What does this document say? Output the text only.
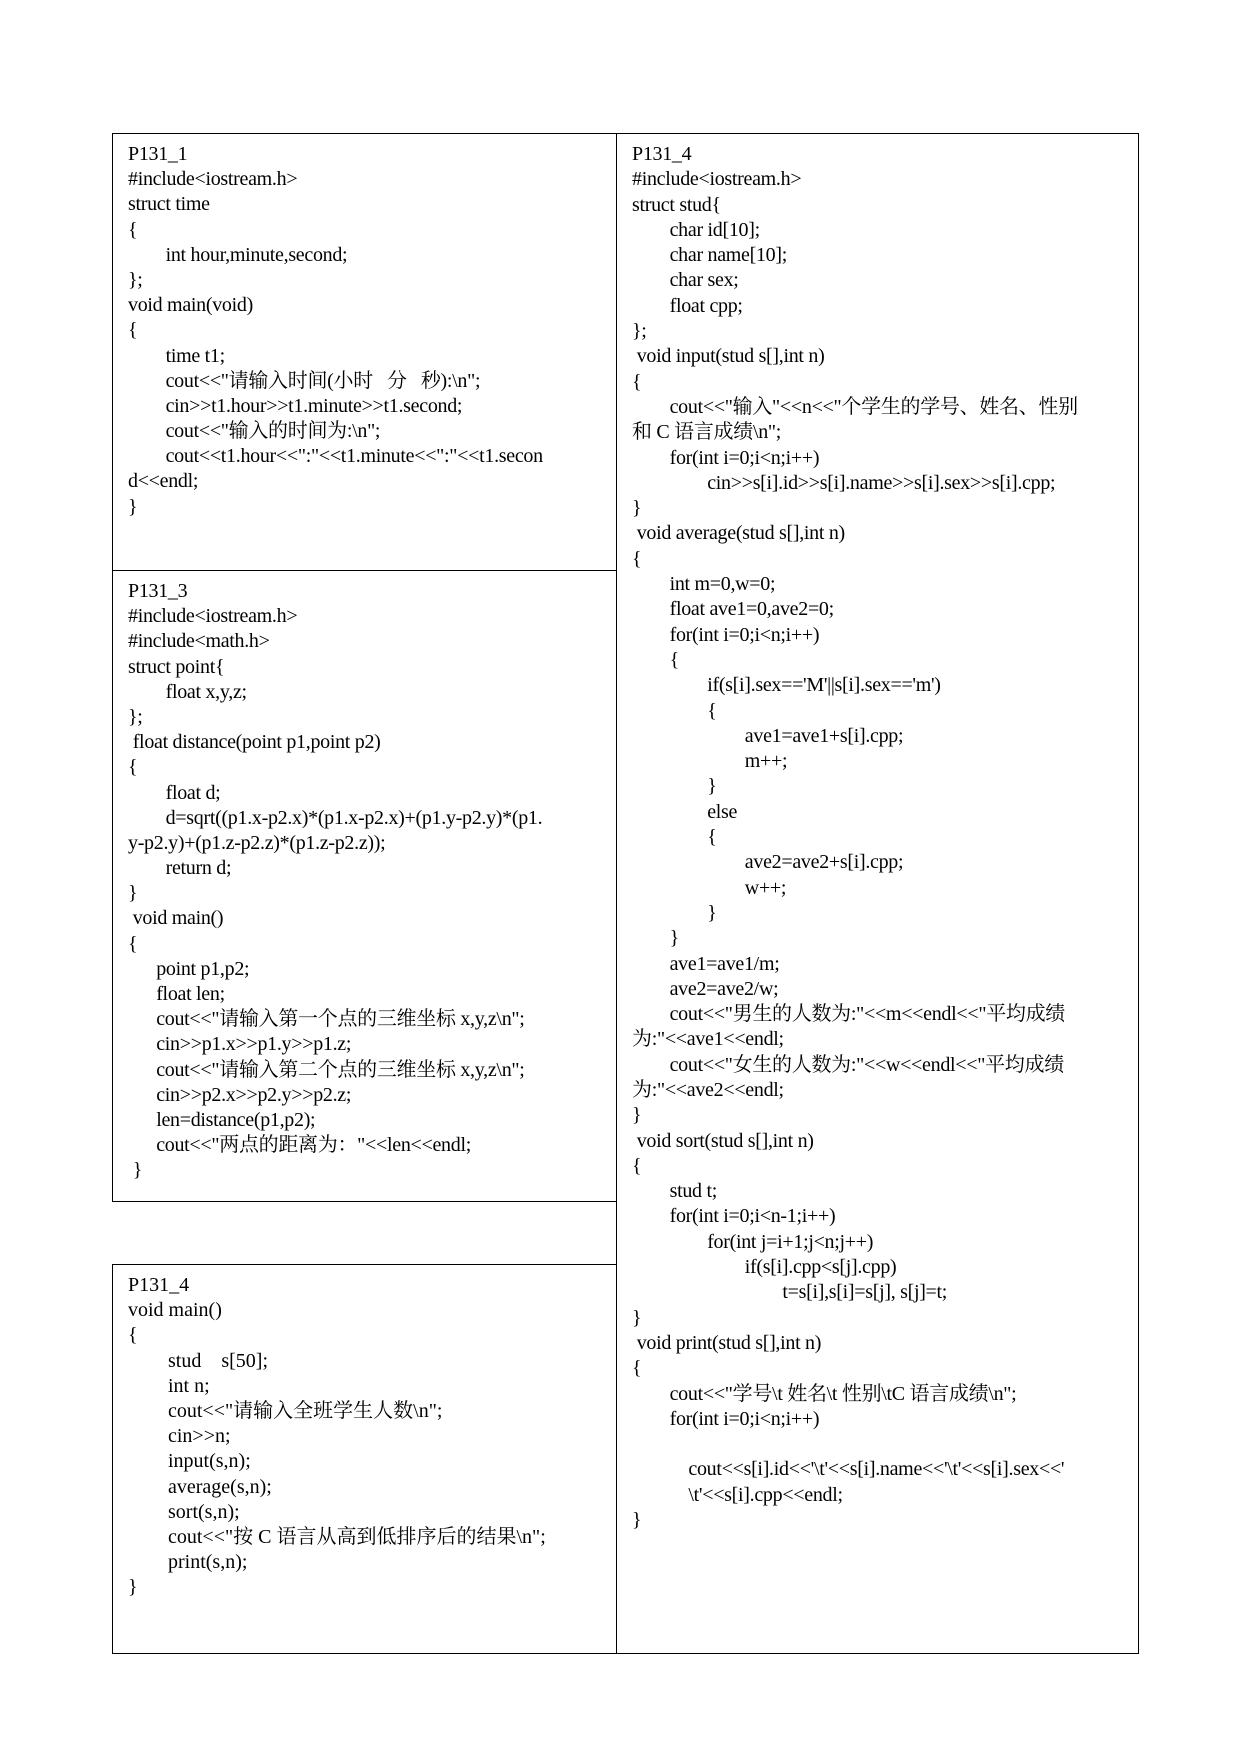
P131_1
#include<iostream.h>
struct time
{
int hour,minute,second;
};
void main(void)
{
time t1;
cout<<"请输入时间(小时   分   秒):\n";
cin>>t1.hour>>t1.minute>>t1.second;
cout<<"输入的时间为:\n";
cout<<t1.hour<<":"<<t1.minute<<":"<<t1.secon
d<<endl;
}
P131_3
#include<iostream.h>
#include<math.h>
struct point{
float x,y,z;
};
float distance(point p1,point p2)
{
float d;
d=sqrt((p1.x-p2.x)*(p1.x-p2.x)+(p1.y-p2.y)*(p1.
y-p2.y)+(p1.z-p2.z)*(p1.z-p2.z));
return d;
}
void main()
{
point p1,p2;
float len;
cout<<"请输入第一个点的三维坐标 x,y,z\n";
cin>>p1.x>>p1.y>>p1.z;
cout<<"请输入第二个点的三维坐标 x,y,z\n";
cin>>p2.x>>p2.y>>p2.z;
len=distance(p1,p2);
cout<<"两点的距离为："<<len<<endl;
}
P131_4
void main()
{
stud    s[50];
int n;
cout<<"请输入全班学生人数\n";
cin>>n;
input(s,n);
average(s,n);
sort(s,n);
cout<<"按 C 语言从高到低排序后的结果\n";
print(s,n);
}
P131_4
#include<iostream.h>
struct stud{
char id[10];
char name[10];
char sex;
float cpp;
};
void input(stud s[],int n)
{
cout<<"输入"<<n<<"个学生的学号、姓名、性别
和 C 语言成绩\n";
for(int i=0;i<n;i++)
cin>>s[i].id>>s[i].name>>s[i].sex>>s[i].cpp;
}
void average(stud s[],int n)
{
int m=0,w=0;
float ave1=0,ave2=0;
for(int i=0;i<n;i++)
{
if(s[i].sex=='M'||s[i].sex=='m')
{
ave1=ave1+s[i].cpp;
m++;
}
else
{
ave2=ave2+s[i].cpp;
w++;
}
}
ave1=ave1/m;
ave2=ave2/w;
cout<<"男生的人数为:"<<m<<endl<<"平均成绩
为:"<<ave1<<endl;
cout<<"女生的人数为:"<<w<<endl<<"平均成绩
为:"<<ave2<<endl;
}
void sort(stud s[],int n)
{
stud t;
for(int i=0;i<n-1;i++)
for(int j=i+1;j<n;j++)
if(s[i].cpp<s[j].cpp)
t=s[i],s[i]=s[j], s[j]=t;
}
void print(stud s[],int n)
{
cout<<"学号\t 姓名\t 性别\tC 语言成绩\n";
for(int i=0;i<n;i++)
cout<<s[i].id<<'\t'<<s[i].name<<'\t'<<s[i].sex<<'
\t'<<s[i].cpp<<endl;
}
